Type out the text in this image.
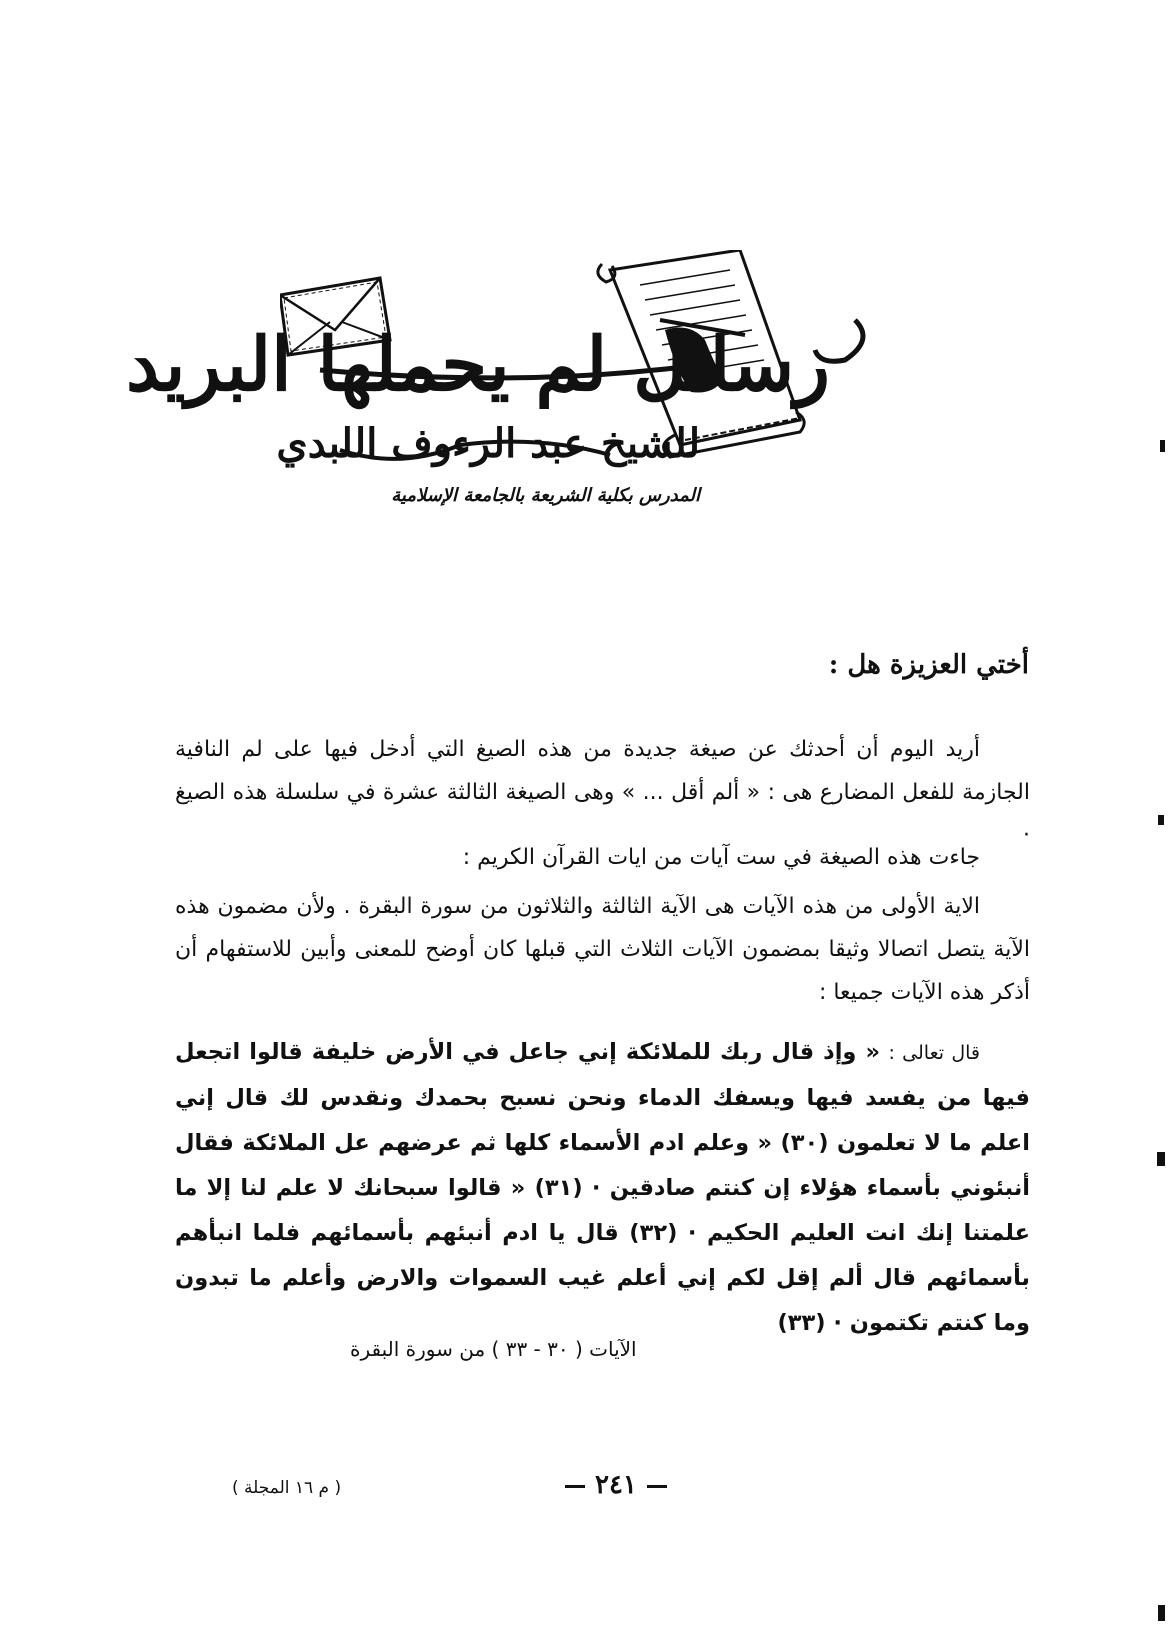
رسائل لم يحملها البريد
للشيخ عبد الرءوف اللبدي
المدرس بكلية الشريعة بالجامعة الإسلامية
أختي العزيزة هل :

أريد اليوم أن أحدثك عن صيغة جديدة من هذه الصيغ التي أدخل فيها على لم النافية الجازمة للفعل المضارع هى : « ألم أقل ... » وهى الصيغة الثالثة عشرة في سلسلة هذه الصيغ ·

جاءت هذه الصيغة في ست آيات من ايات القرآن الكريم :

الاية الأولى من هذه الآيات هى الآية الثالثة والثلاثون من سورة البقرة . ولأن مضمون هذه الآية يتصل اتصالا وثيقا بمضمون الآيات الثلاث التي قبلها كان أوضح للمعنى وأبين للاستفهام أن أذكر هذه الآيات جميعا :

قال تعالى : « وإذ قال ربك للملائكة إني جاعل في الأرض خليفة قالوا اتجعل فيها من يفسد فيها ويسفك الدماء ونحن نسبح بحمدك ونقدس لك قال إني اعلم ما لا تعلمون (٣٠) « وعلم ادم الأسماء كلها ثم عرضهم عل الملائكة فقال أنبئوني بأسماء هؤلاء إن كنتم صادقين · (٣١) « قالوا سبحانك لا علم لنا إلا ما علمتنا إنك انت العليم الحكيم · (٣٢) قال يا ادم أنبئهم بأسمائهم فلما انبأهم بأسمائهم قال ألم إقل لكم إني أعلم غيب السموات والارض وأعلم ما تبدون وما كنتم تكتمون · (٣٣)

الآيات ( ٣٠ - ٣٣ ) من سورة البقرة
٢٤١
( م ١٦ المجلة )
